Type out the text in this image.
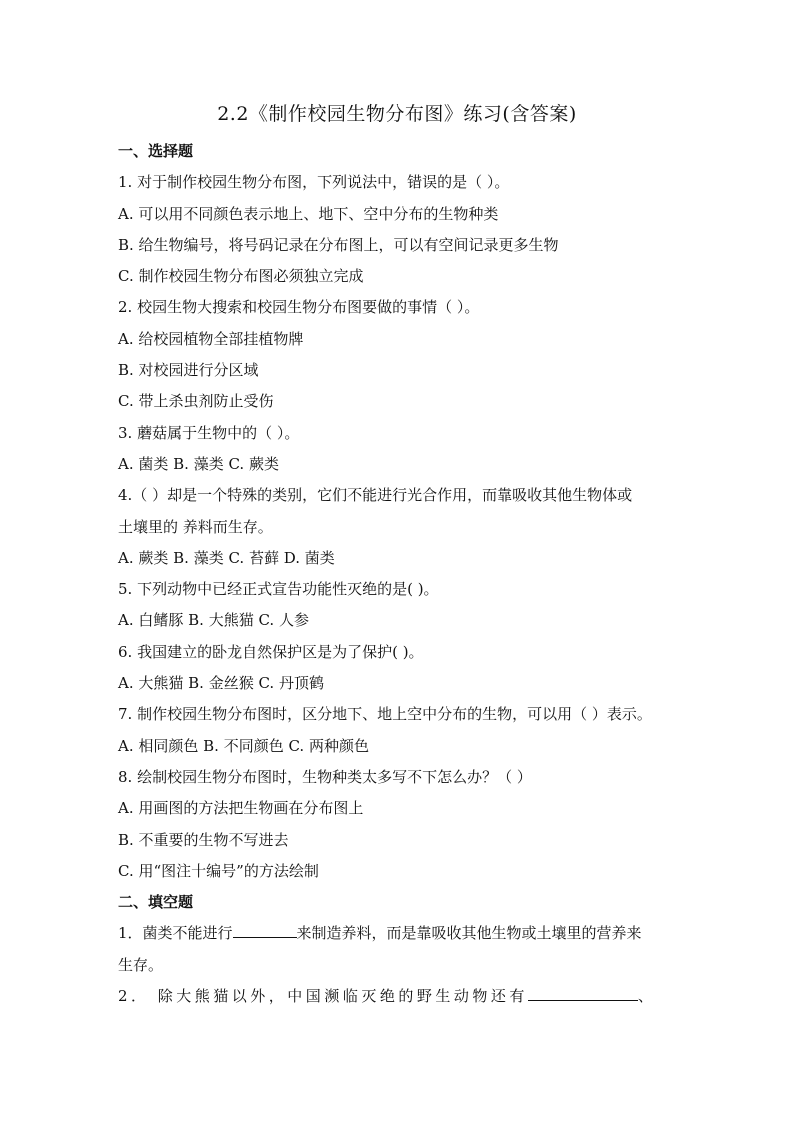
2.2《制作校园生物分布图》练习(含答案)
一、选择题
1. 对于制作校园生物分布图，下列说法中，错误的是（ ）。
A. 可以用不同颜色表示地上、地下、空中分布的生物种类
B. 给生物编号，将号码记录在分布图上，可以有空间记录更多生物
C. 制作校园生物分布图必须独立完成
2. 校园生物大搜索和校园生物分布图要做的事情（ ）。
A. 给校园植物全部挂植物牌
B. 对校园进行分区域
C. 带上杀虫剂防止受伤
3. 蘑菇属于生物中的（ ）。
A. 菌类 B. 藻类 C. 蕨类
4.（ ）却是一个特殊的类别，它们不能进行光合作用，而靠吸收其他生物体或
土壤里的 养料而生存。
A. 蕨类 B. 藻类 C. 苔藓 D. 菌类
5. 下列动物中已经正式宣告功能性灭绝的是( )。
A. 白鳍豚 B. 大熊猫 C. 人参
6. 我国建立的卧龙自然保护区是为了保护( )。
A. 大熊猫 B. 金丝猴 C. 丹顶鹤
7. 制作校园生物分布图时，区分地下、地上空中分布的生物，可以用（ ）表示。
A. 相同颜色 B. 不同颜色 C. 两种颜色
8. 绘制校园生物分布图时，生物种类太多写不下怎么办？（ ）
A. 用画图的方法把生物画在分布图上
B. 不重要的生物不写进去
C. 用“图注十编号”的方法绘制
二、填空题
1．菌类不能进行	来制造养料，而是靠吸收其他生物或土壤里的营养来
生存。
2． 除大熊猫以外，中国濒临灭绝的野生动物还有	、
